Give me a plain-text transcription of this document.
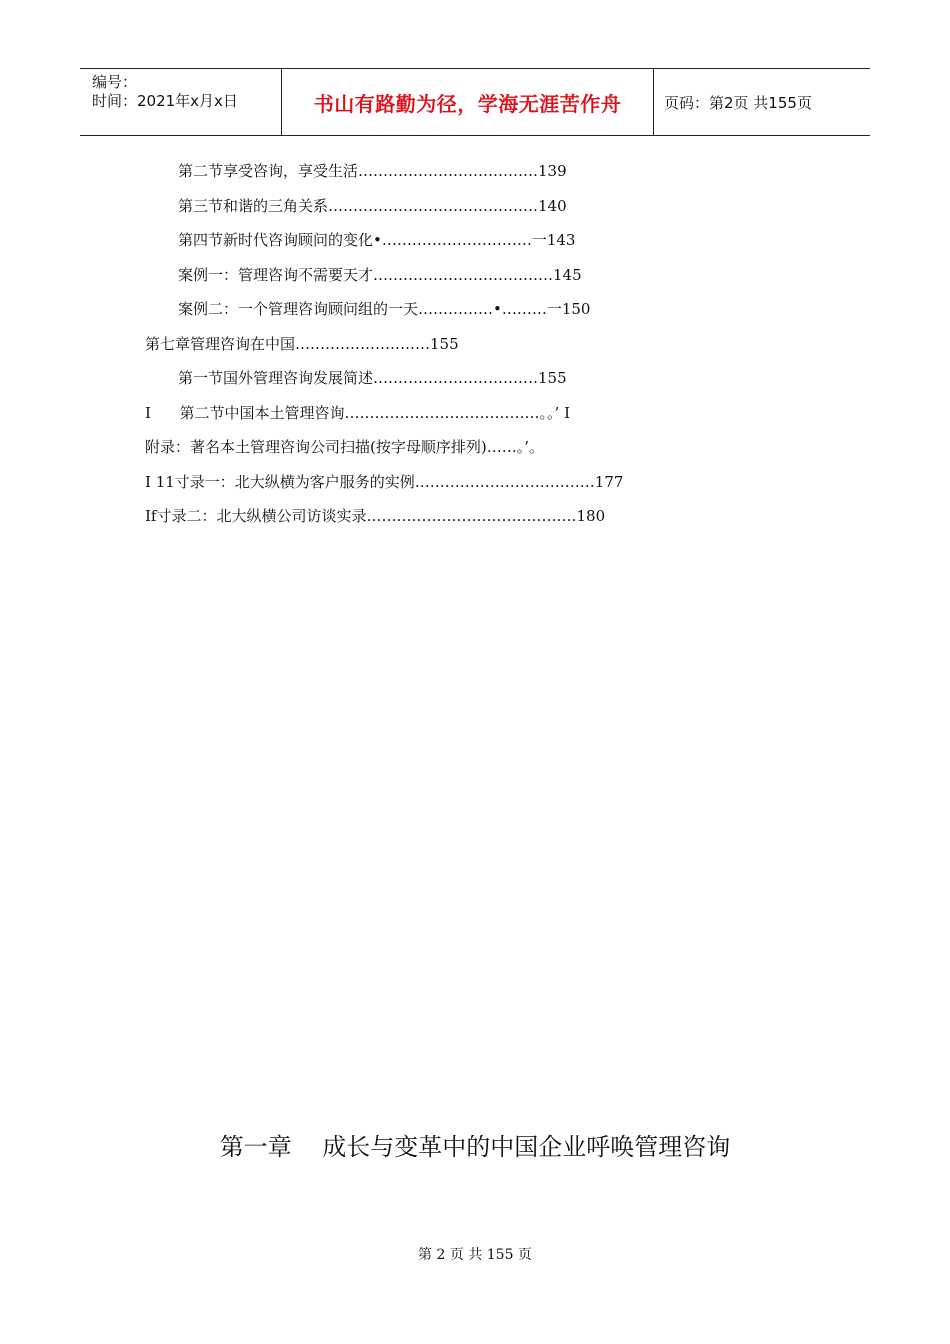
编号：
时间：2021年x月x日	书山有路勤为径，学海无涯苦作舟	页码：第2页 共155页
第二节享受咨询，享受生活………………………………139
第三节和谐的三角关系……………………………………140
第四节新时代咨询顾问的变化•…………………………一143
案例一：管理咨询不需要天才………………………………145
案例二：一个管理咨询顾问组的一天……………•………一150
第七章管理咨询在中国………………………155
第一节国外管理咨询发展简述……………………………155
I      第二节中国本土管理咨询…………………………………。。’ I
附录：著名本土管理咨询公司扫描(按字母顺序排列)……。’。
I 11寸录一：北大纵横为客户服务的实例………………………………177
If寸录二：北大纵横公司访谈实录……………………………………180
第一章    成长与变革中的中国企业呼唤管理咨询
第 2 页 共 155 页
